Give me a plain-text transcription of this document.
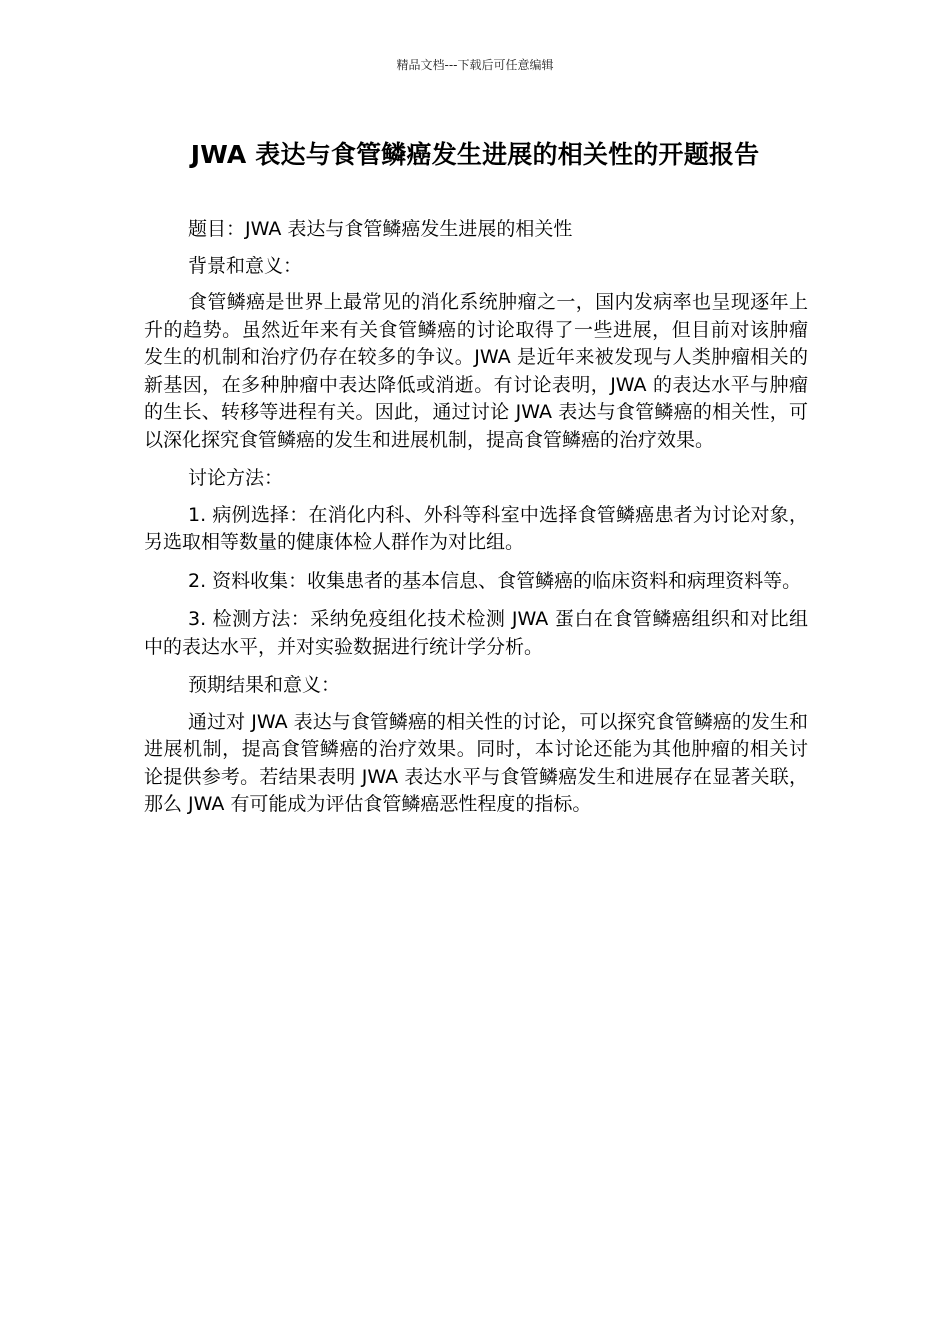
精品文档---下载后可任意编辑
JWA 表达与食管鳞癌发生进展的相关性的开题报告

题目：JWA 表达与食管鳞癌发生进展的相关性

背景和意义：

食管鳞癌是世界上最常见的消化系统肿瘤之一，国内发病率也呈现逐年上升的趋势。虽然近年来有关食管鳞癌的讨论取得了一些进展，但目前对该肿瘤发生的机制和治疗仍存在较多的争议。JWA 是近年来被发现与人类肿瘤相关的新基因，在多种肿瘤中表达降低或消逝。有讨论表明，JWA 的表达水平与肿瘤的生长、转移等进程有关。因此，通过讨论 JWA 表达与食管鳞癌的相关性，可以深化探究食管鳞癌的发生和进展机制，提高食管鳞癌的治疗效果。

讨论方法：

1. 病例选择：在消化内科、外科等科室中选择食管鳞癌患者为讨论对象，另选取相等数量的健康体检人群作为对比组。

2. 资料收集：收集患者的基本信息、食管鳞癌的临床资料和病理资料等。

3. 检测方法：采纳免疫组化技术检测 JWA 蛋白在食管鳞癌组织和对比组中的表达水平，并对实验数据进行统计学分析。

预期结果和意义：

通过对 JWA 表达与食管鳞癌的相关性的讨论，可以探究食管鳞癌的发生和进展机制，提高食管鳞癌的治疗效果。同时，本讨论还能为其他肿瘤的相关讨论提供参考。若结果表明 JWA 表达水平与食管鳞癌发生和进展存在显著关联，那么 JWA 有可能成为评估食管鳞癌恶性程度的指标。
